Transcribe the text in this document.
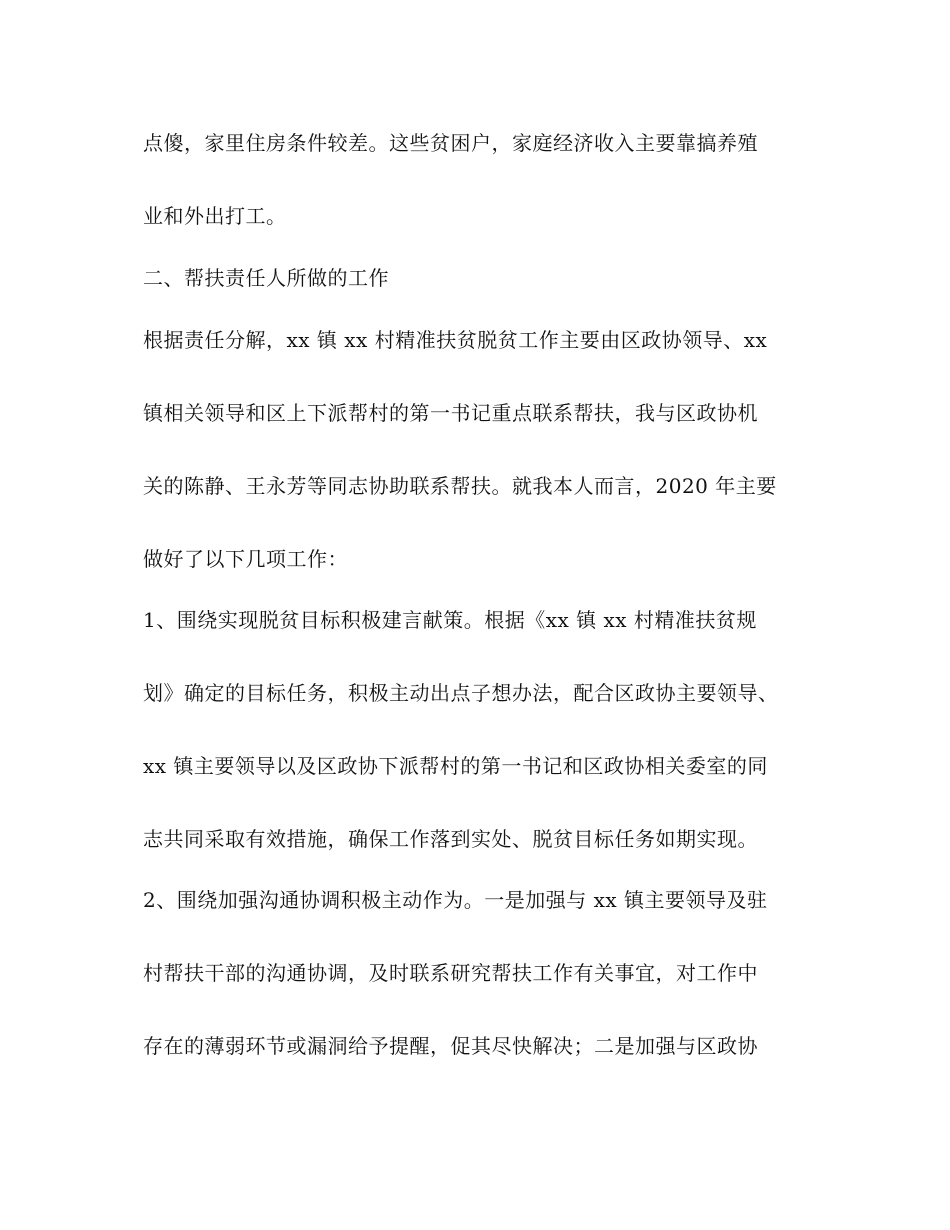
点傻，家里住房条件较差。这些贫困户，家庭经济收入主要靠搞养殖
业和外出打工。
二、帮扶责任人所做的工作
根据责任分解，xx 镇 xx 村精准扶贫脱贫工作主要由区政协领导、xx
镇相关领导和区上下派帮村的第一书记重点联系帮扶，我与区政协机
关的陈静、王永芳等同志协助联系帮扶。就我本人而言，2020 年主要
做好了以下几项工作：
1、围绕实现脱贫目标积极建言献策。根据《xx 镇 xx 村精准扶贫规
划》确定的目标任务，积极主动出点子想办法，配合区政协主要领导、
xx 镇主要领导以及区政协下派帮村的第一书记和区政协相关委室的同
志共同采取有效措施，确保工作落到实处、脱贫目标任务如期实现。
2、围绕加强沟通协调积极主动作为。一是加强与 xx 镇主要领导及驻
村帮扶干部的沟通协调，及时联系研究帮扶工作有关事宜，对工作中
存在的薄弱环节或漏洞给予提醒，促其尽快解决；二是加强与区政协
